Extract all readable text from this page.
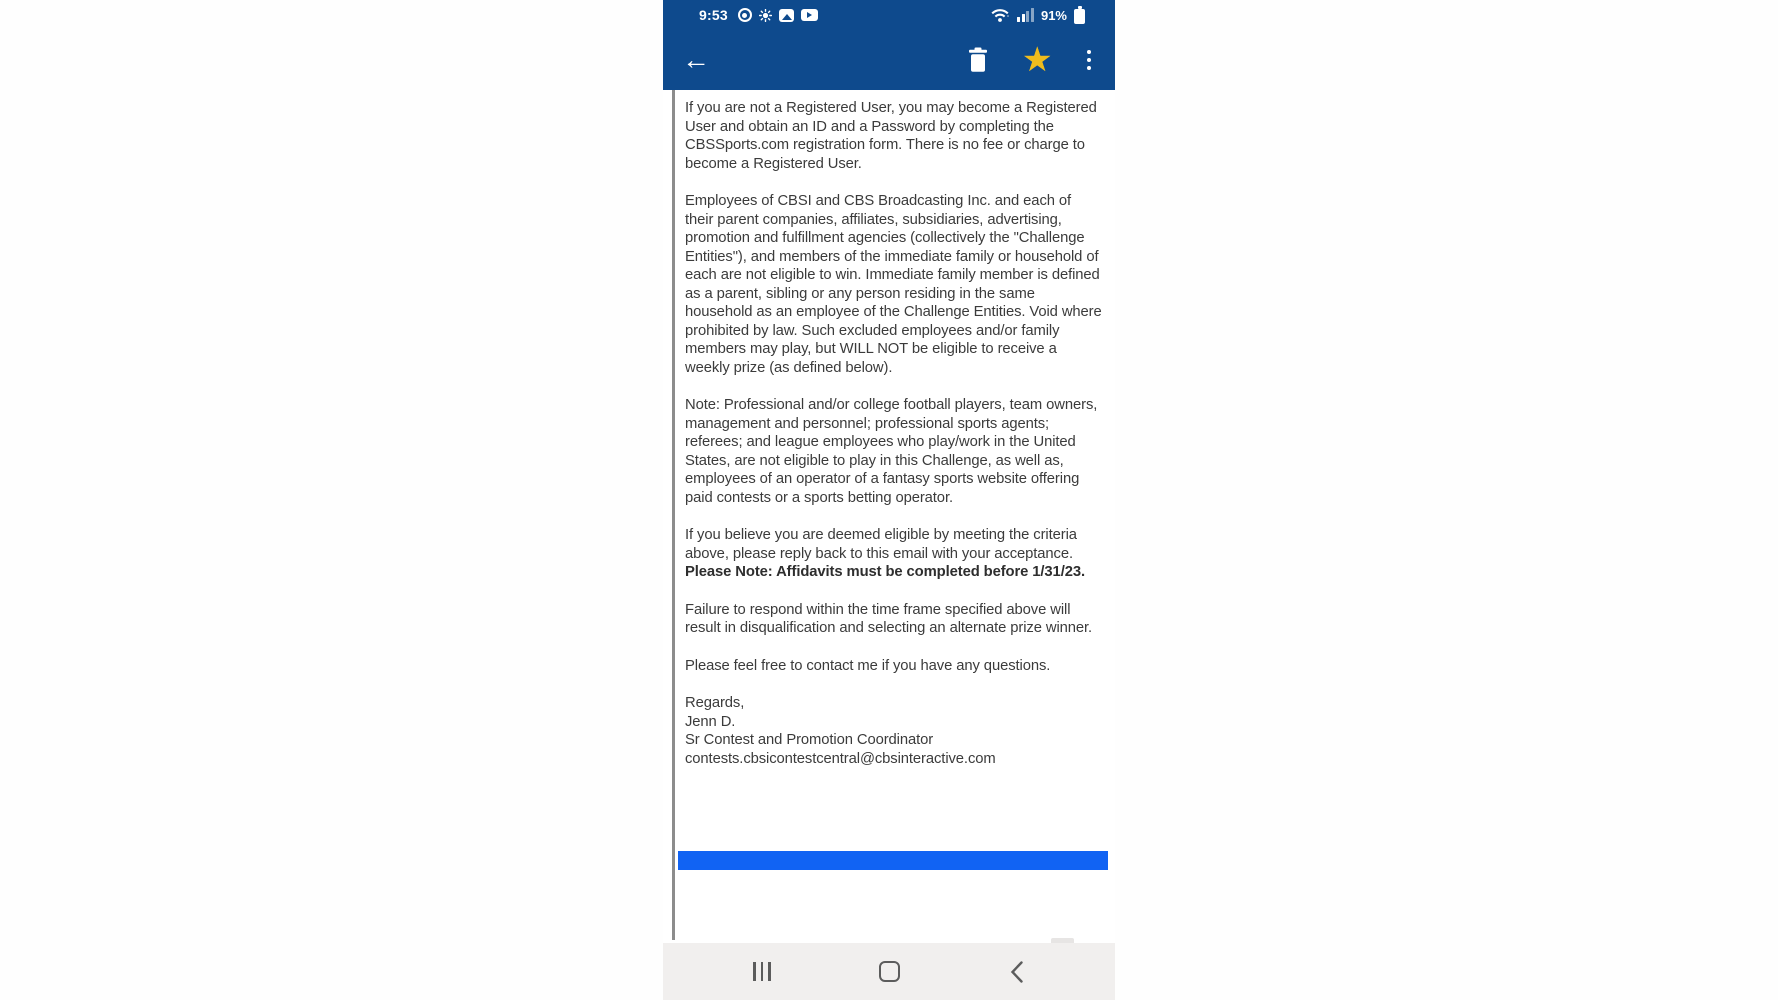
9:53	91%
←	★

If you are not a Registered User, you may become a Registered User and obtain an ID and a Password by completing the CBSSports.com registration form. There is no fee or charge to become a Registered User.

Employees of CBSI and CBS Broadcasting Inc. and each of their parent companies, affiliates, subsidiaries, advertising, promotion and fulfillment agencies (collectively the "Challenge Entities"), and members of the immediate family or household of each are not eligible to win. Immediate family member is defined as a parent, sibling or any person residing in the same household as an employee of the Challenge Entities. Void where prohibited by law. Such excluded employees and/or family members may play, but WILL NOT be eligible to receive a weekly prize (as defined below).

Note: Professional and/or college football players, team owners, management and personnel; professional sports agents; referees; and league employees who play/work in the United States, are not eligible to play in this Challenge, as well as, employees of an operator of a fantasy sports website offering paid contests or a sports betting operator.

If you believe you are deemed eligible by meeting the criteria above, please reply back to this email with your acceptance. Please Note: Affidavits must be completed before 1/31/23.

Failure to respond within the time frame specified above will result in disqualification and selecting an alternate prize winner.

Please feel free to contact me if you have any questions.

Regards,
Jenn D.
Sr Contest and Promotion Coordinator
contests.cbsicontestcentral@cbsinteractive.com
